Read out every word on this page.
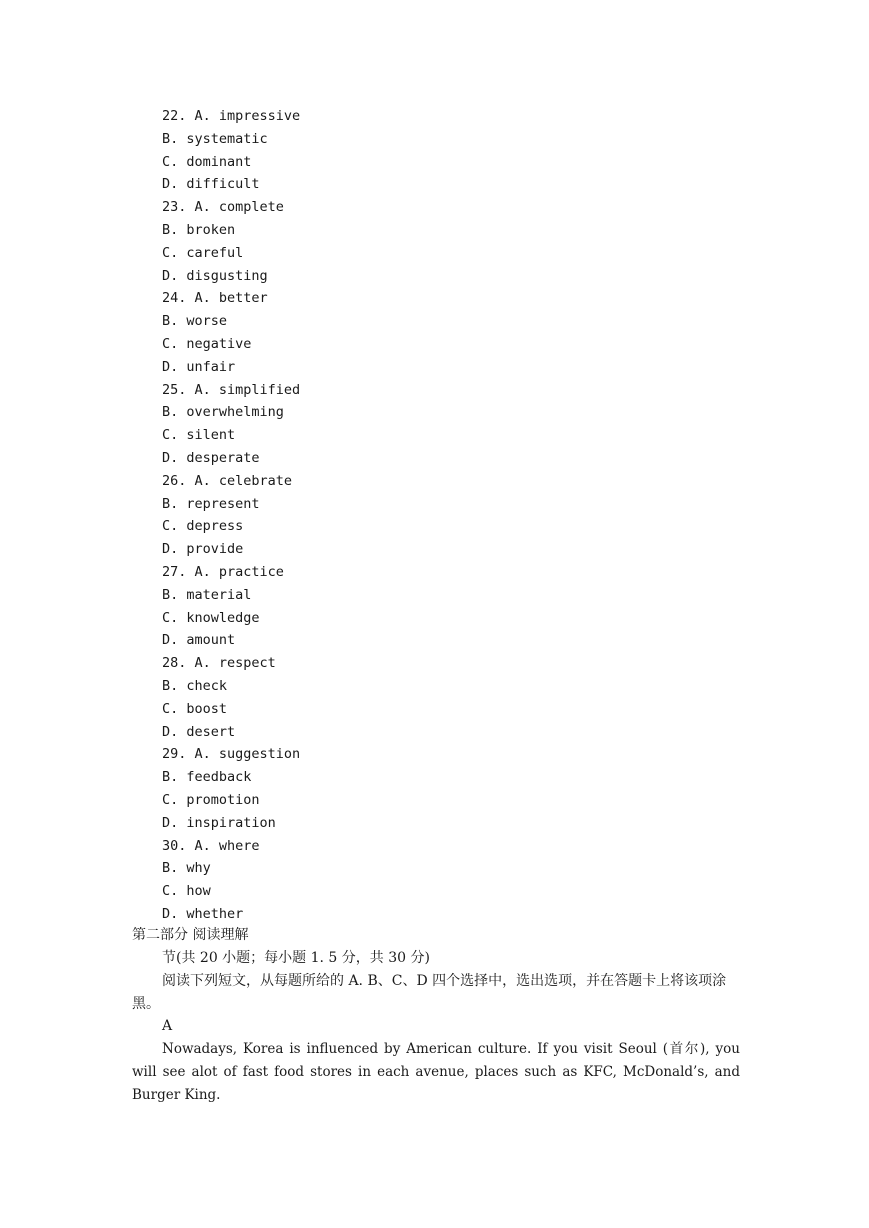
22. A. impressive
B. systematic
C. dominant
D. difficult
23. A. complete
B. broken
C. careful
D. disgusting
24. A. better
B. worse
C. negative
D. unfair
25. A. simplified
B. overwhelming
C. silent
D. desperate
26. A. celebrate
B. represent
C. depress
D. provide
27. A. practice
B. material
C. knowledge
D. amount
28. A. respect
B. check
C. boost
D. desert
29. A. suggestion
B. feedback
C. promotion
D. inspiration
30. A. where
B. why
C. how
D. whether
第二部分 阅读理解
节(共 20 小题；每小题 1. 5 分，共 30 分)
阅读下列短文，从每题所给的 A. B、C、D 四个选择中，选出选项，并在答题卡上将该项涂黑。
A
Nowadays, Korea is influenced by American culture. If you visit Seoul (首尔), you will see alot of fast food stores in each avenue, places such as KFC, McDonald’s, and Burger King.
